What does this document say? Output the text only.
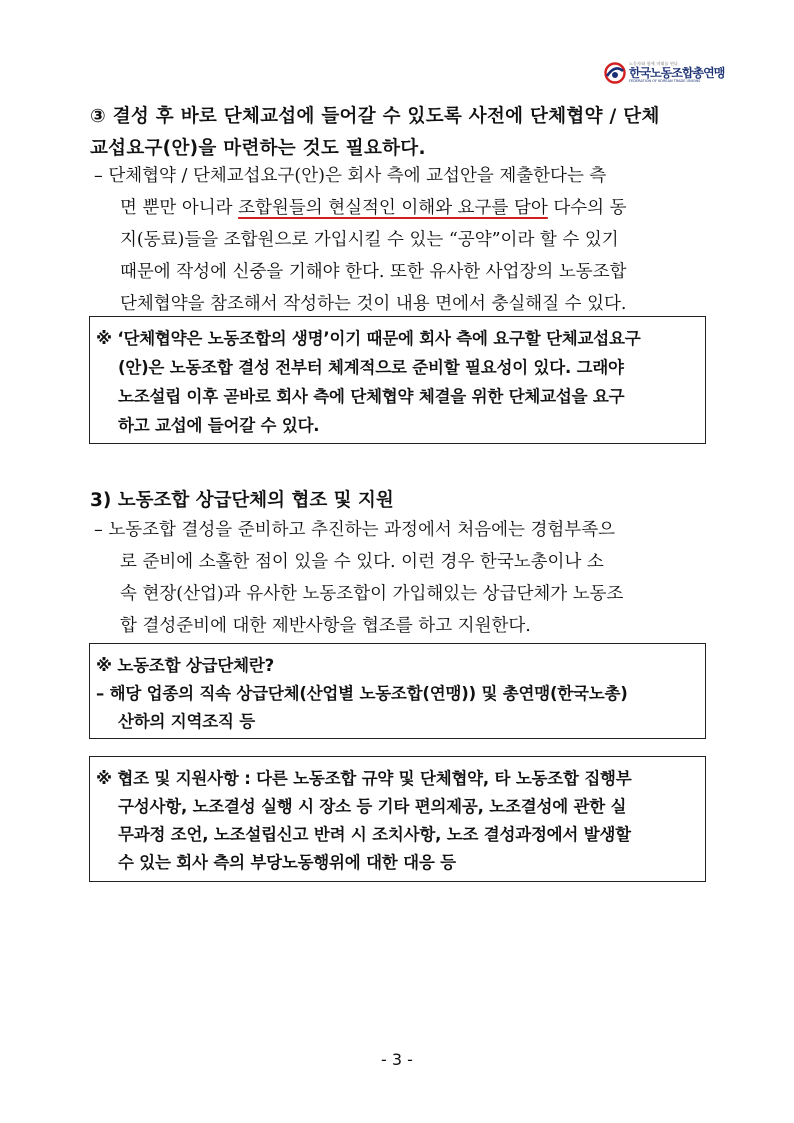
노동자와 함께 미래를 연다
한국노동조합총연맹
FEDERATION OF KOREAN TRADE UNIONS
③ 결성 후 바로 단체교섭에 들어갈 수 있도록 사전에 단체협약 / 단체
교섭요구(안)을 마련하는 것도 필요하다.
– 단체협약 / 단체교섭요구(안)은 회사 측에 교섭안을 제출한다는 측
면 뿐만 아니라 조합원들의 현실적인 이해와 요구를 담아 다수의 동
지(동료)들을 조합원으로 가입시킬 수 있는 “공약”이라 할 수 있기
때문에 작성에 신중을 기해야 한다. 또한 유사한 사업장의 노동조합
단체협약을 참조해서 작성하는 것이 내용 면에서 충실해질 수 있다.
※ ‘단체협약은 노동조합의 생명’이기 때문에 회사 측에 요구할 단체교섭요구
(안)은 노동조합 결성 전부터 체계적으로 준비할 필요성이 있다. 그래야
노조설립 이후 곧바로 회사 측에 단체협약 체결을 위한 단체교섭을 요구
하고 교섭에 들어갈 수 있다.
3) 노동조합 상급단체의 협조 및 지원
– 노동조합 결성을 준비하고 추진하는 과정에서 처음에는 경험부족으
로 준비에 소홀한 점이 있을 수 있다. 이런 경우 한국노총이나 소
속 현장(산업)과 유사한 노동조합이 가입해있는 상급단체가 노동조
합 결성준비에 대한 제반사항을 협조를 하고 지원한다.
※ 노동조합 상급단체란?
– 해당 업종의 직속 상급단체(산업별 노동조합(연맹)) 및 총연맹(한국노총)
산하의 지역조직 등
※ 협조 및 지원사항 : 다른 노동조합 규약 및 단체협약, 타 노동조합 집행부
구성사항, 노조결성 실행 시 장소 등 기타 편의제공, 노조결성에 관한 실
무과정 조언, 노조설립신고 반려 시 조치사항, 노조 결성과정에서 발생할
수 있는 회사 측의 부당노동행위에 대한 대응 등
- 3 -
